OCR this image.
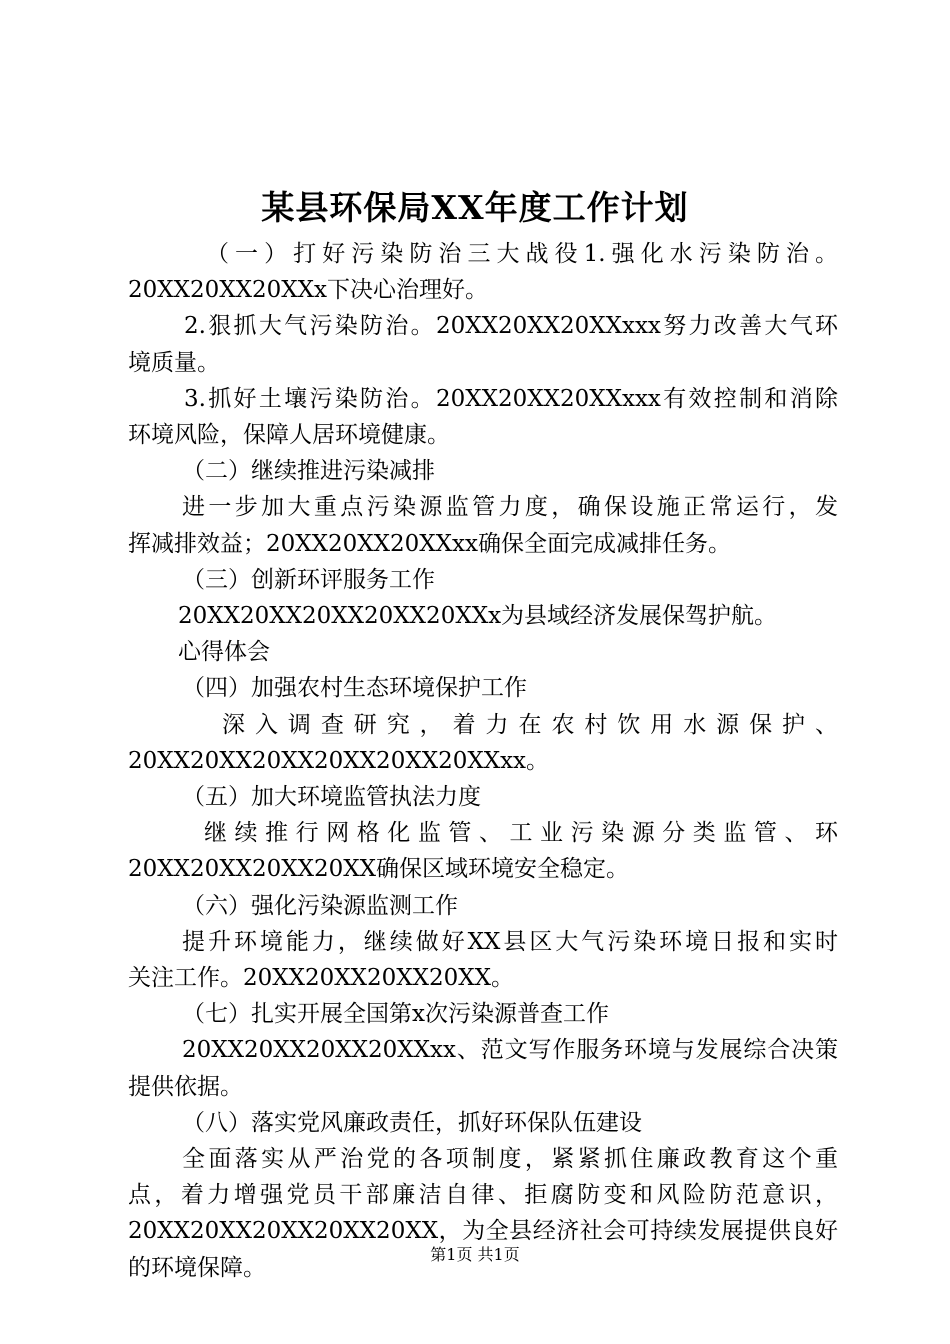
某县环保局XX年度工作计划

（一）打好污染防治三大战役1.强化水污染防治。

20XX20XX20XXx下决心治理好。

2.狠抓大气污染防治。20XX20XX20XXxxx努力改善大气环

境质量。

3.抓好土壤污染防治。20XX20XX20XXxxx有效控制和消除

环境风险，保障人居环境健康。

（二）继续推进污染减排

进一步加大重点污染源监管力度，确保设施正常运行，发

挥减排效益；20XX20XX20XXxx确保全面完成减排任务。

（三）创新环评服务工作

20XX20XX20XX20XX20XXx为县域经济发展保驾护航。

心得体会

（四）加强农村生态环境保护工作

深入调查研究，着力在农村饮用水源保护、

20XX20XX20XX20XX20XX20XXxx。

（五）加大环境监管执法力度

继续推行网格化监管、工业污染源分类监管、环

20XX20XX20XX20XX确保区域环境安全稳定。

（六）强化污染源监测工作

提升环境能力，继续做好XX县区大气污染环境日报和实时

关注工作。20XX20XX20XX20XX。

（七）扎实开展全国第x次污染源普查工作

20XX20XX20XX20XXxx、范文写作服务环境与发展综合决策

提供依据。

（八）落实党风廉政责任，抓好环保队伍建设

全面落实从严治党的各项制度，紧紧抓住廉政教育这个重

点，着力增强党员干部廉洁自律、拒腐防变和风险防范意识，

20XX20XX20XX20XX20XX，为全县经济社会可持续发展提供良好

的环境保障。

第1页 共1页
